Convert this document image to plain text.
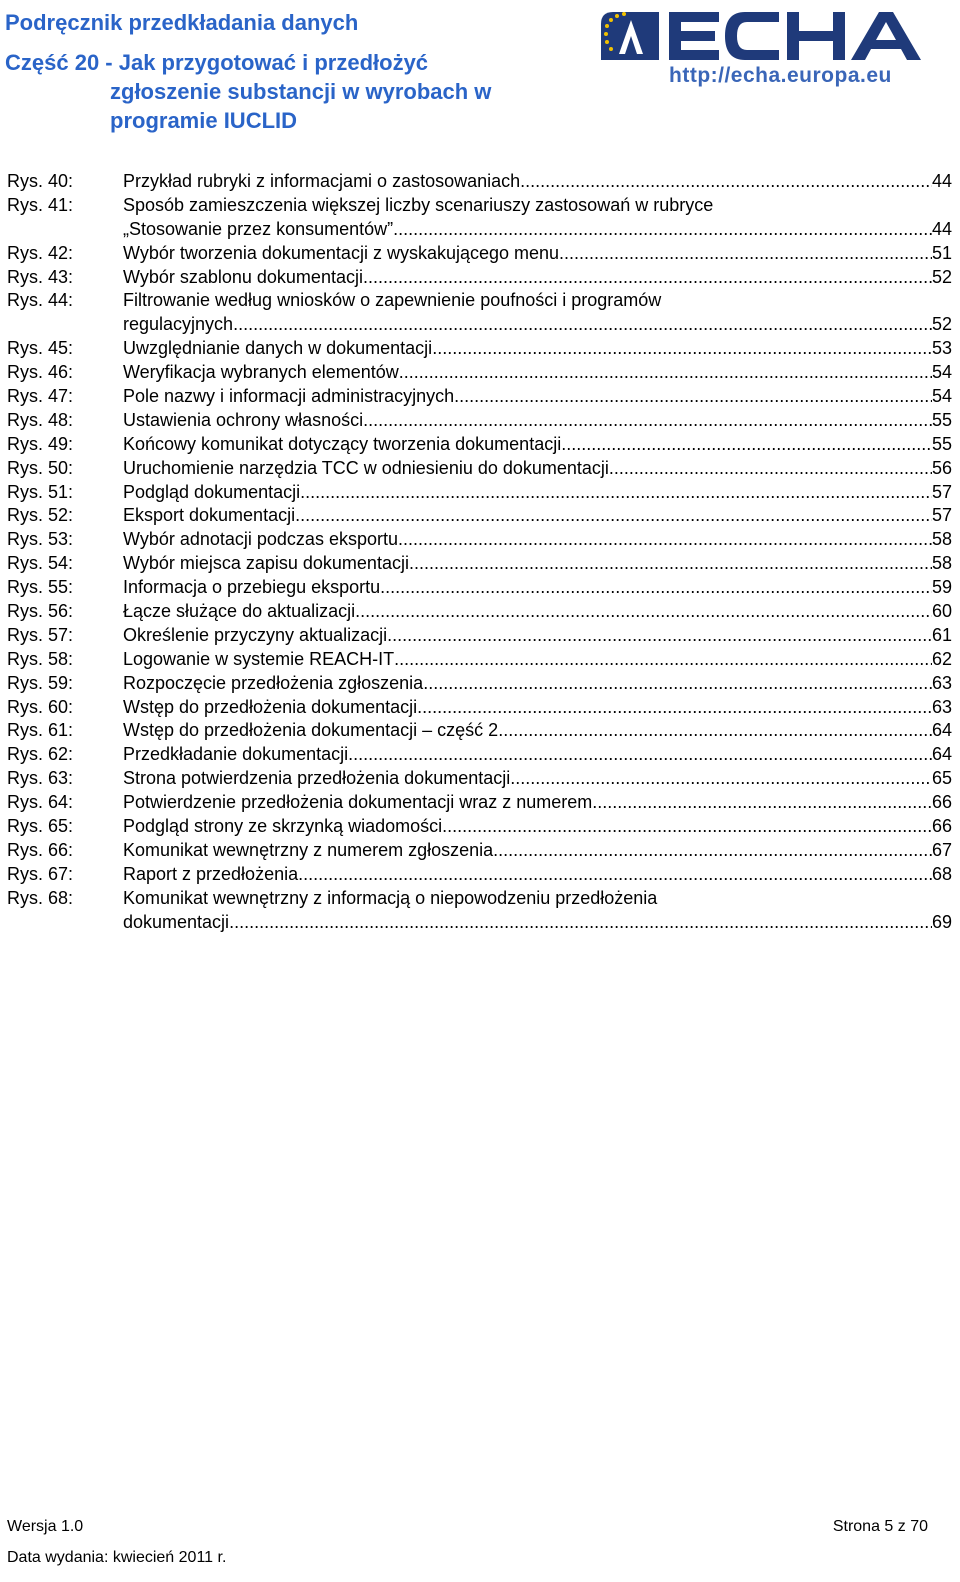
Podręcznik przedkładania danych
Część 20 - Jak przygotować i przedłożyć
zgłoszenie substancji w wyrobach w
programie IUCLID
http://echa.europa.eu
Rys. 40:	Przykład rubryki z informacjami o zastosowaniach .....	44
Rys. 41:	Sposób zamieszczenia większej liczby scenariuszy zastosowań w rubryce
„Stosowanie przez konsumentów” .....	44
Rys. 42:	Wybór tworzenia dokumentacji z wyskakującego menu .....	51
Rys. 43:	Wybór szablonu dokumentacji .....	52
Rys. 44:	Filtrowanie według wniosków o zapewnienie poufności i programów
regulacyjnych .....	52
Rys. 45:	Uwzględnianie danych w dokumentacji .....	53
Rys. 46:	Weryfikacja wybranych elementów .....	54
Rys. 47:	Pole nazwy i informacji administracyjnych .....	54
Rys. 48:	Ustawienia ochrony własności .....	55
Rys. 49:	Końcowy komunikat dotyczący tworzenia dokumentacji .....	55
Rys. 50:	Uruchomienie narzędzia TCC w odniesieniu do dokumentacji .....	56
Rys. 51:	Podgląd dokumentacji .....	57
Rys. 52:	Eksport dokumentacji .....	57
Rys. 53:	Wybór adnotacji podczas eksportu .....	58
Rys. 54:	Wybór miejsca zapisu dokumentacji .....	58
Rys. 55:	Informacja o przebiegu eksportu .....	59
Rys. 56:	Łącze służące do aktualizacji .....	60
Rys. 57:	Określenie przyczyny aktualizacji .....	61
Rys. 58:	Logowanie w systemie REACH-IT .....	62
Rys. 59:	Rozpoczęcie przedłożenia zgłoszenia .....	63
Rys. 60:	Wstęp do przedłożenia dokumentacji .....	63
Rys. 61:	Wstęp do przedłożenia dokumentacji – część 2 .....	64
Rys. 62:	Przedkładanie dokumentacji .....	64
Rys. 63:	Strona potwierdzenia przedłożenia dokumentacji .....	65
Rys. 64:	Potwierdzenie przedłożenia dokumentacji wraz z numerem .....	66
Rys. 65:	Podgląd strony ze skrzynką wiadomości .....	66
Rys. 66:	Komunikat wewnętrzny z numerem zgłoszenia .....	67
Rys. 67:	Raport z przedłożenia .....	68
Rys. 68:	Komunikat wewnętrzny z informacją o niepowodzeniu przedłożenia
dokumentacji .....	69
Wersja 1.0	Strona 5 z 70
Data wydania: kwiecień 2011 r.
